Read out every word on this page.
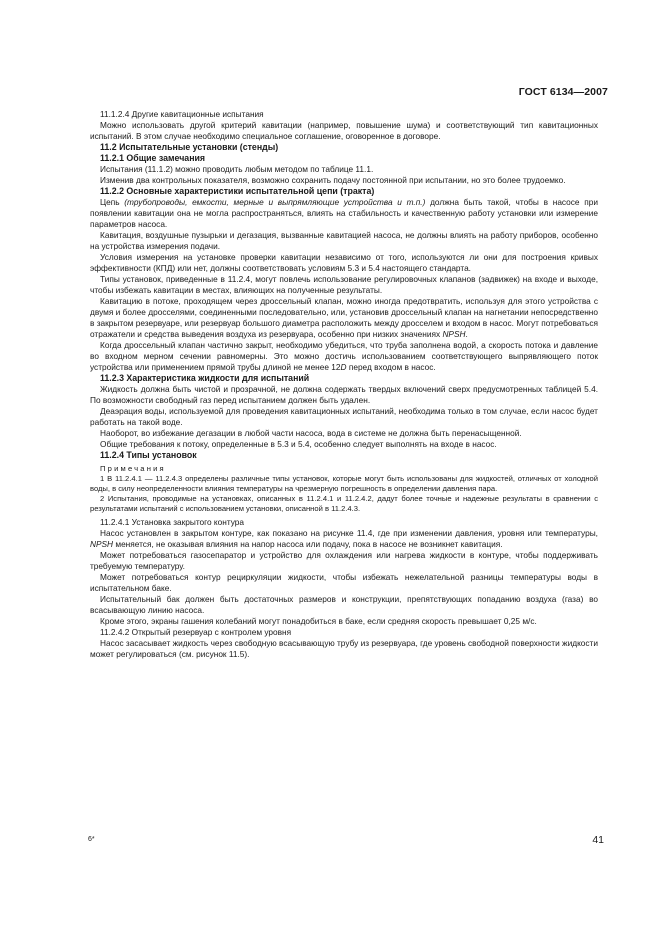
ГОСТ 6134—2007

11.1.2.4 Другие кавитационные испытания

Можно использовать другой критерий кавитации (например, повышение шума) и соответствующий тип кавитационных испытаний. В этом случае необходимо специальное соглашение, оговоренное в договоре.

11.2 Испытательные установки (стенды)

11.2.1 Общие замечания

Испытания (11.1.2) можно проводить любым методом по таблице 11.1.

Изменив два контрольных показателя, возможно сохранить подачу постоянной при испытании, но это более трудоемко.

11.2.2 Основные характеристики испытательной цепи (тракта)

Цепь (трубопроводы, емкости, мерные и выпрямляющие устройства и т.п.) должна быть такой, чтобы в насосе при появлении кавитации она не могла распространяться, влиять на стабильность и качественную работу установки или измерение параметров насоса.

Кавитация, воздушные пузырьки и дегазация, вызванные кавитацией насоса, не должны влиять на работу приборов, особенно на устройства измерения подачи.

Условия измерения на установке проверки кавитации независимо от того, используются ли они для построения кривых эффективности (КПД) или нет, должны соответствовать условиям 5.3 и 5.4 настоящего стандарта.

Типы установок, приведенные в 11.2.4, могут повлечь использование регулировочных клапанов (задвижек) на входе и выходе, чтобы избежать кавитации в местах, влияющих на полученные результаты.

Кавитацию в потоке, проходящем через дроссельный клапан, можно иногда предотвратить, используя для этого устройства с двумя и более дросселями, соединенными последовательно, или, установив дроссельный клапан на нагнетании непосредственно в закрытом резервуаре, или резервуар большого диаметра расположить между дросселем и входом в насос. Могут потребоваться отражатели и средства выведения воздуха из резервуара, особенно при низких значениях NPSH.

Когда дроссельный клапан частично закрыт, необходимо убедиться, что труба заполнена водой, а скорость потока и давление во входном мерном сечении равномерны. Это можно достичь использованием соответствующего выпрявляющего поток устройства или применением прямой трубы длиной не менее 12D перед входом в насос.

11.2.3 Характеристика жидкости для испытаний

Жидкость должна быть чистой и прозрачной, не должна содержать твердых включений сверх предусмотренных таблицей 5.4. По возможности свободный газ перед испытанием должен быть удален.

Деаэрация воды, используемой для проведения кавитационных испытаний, необходима только в том случае, если насос будет работать на такой воде.

Наоборот, во избежание дегазации в любой части насоса, вода в системе не должна быть перенасыщенной.

Общие требования к потоку, определенные в 5.3 и 5.4, особенно следует выполнять на входе в насос.

11.2.4 Типы установок

Примечания

1 В 11.2.4.1 — 11.2.4.3 определены различные типы установок, которые могут быть использованы для жидкостей, отличных от холодной воды, в силу неопределенности влияния температуры на чрезмерную погрешность в определении давления пара.

2 Испытания, проводимые на установках, описанных в 11.2.4.1 и 11.2.4.2, дадут более точные и надежные результаты в сравнении с результатами испытаний с использованием установки, описанной в 11.2.4.3.

11.2.4.1 Установка закрытого контура

Насос установлен в закрытом контуре, как показано на рисунке 11.4, где при изменении давления, уровня или температуры, NPSH меняется, не оказывая влияния на напор насоса или подачу, пока в насосе не возникнет кавитация.

Может потребоваться газосепаратор и устройство для охлаждения или нагрева жидкости в контуре, чтобы поддерживать требуемую температуру.

Может потребоваться контур рециркуляции жидкости, чтобы избежать нежелательной разницы температуры воды в испытательном баке.

Испытательный бак должен быть достаточных размеров и конструкции, препятствующих попаданию воздуха (газа) во всасывающую линию насоса.

Кроме этого, экраны гашения колебаний могут понадобиться в баке, если средняя скорость превышает 0,25 м/с.

11.2.4.2 Открытый резервуар с контролем уровня

Насос засасывает жидкость через свободную всасывающую трубу из резервуара, где уровень свободной поверхности жидкости может регулироваться (см. рисунок 11.5).

6*	41
